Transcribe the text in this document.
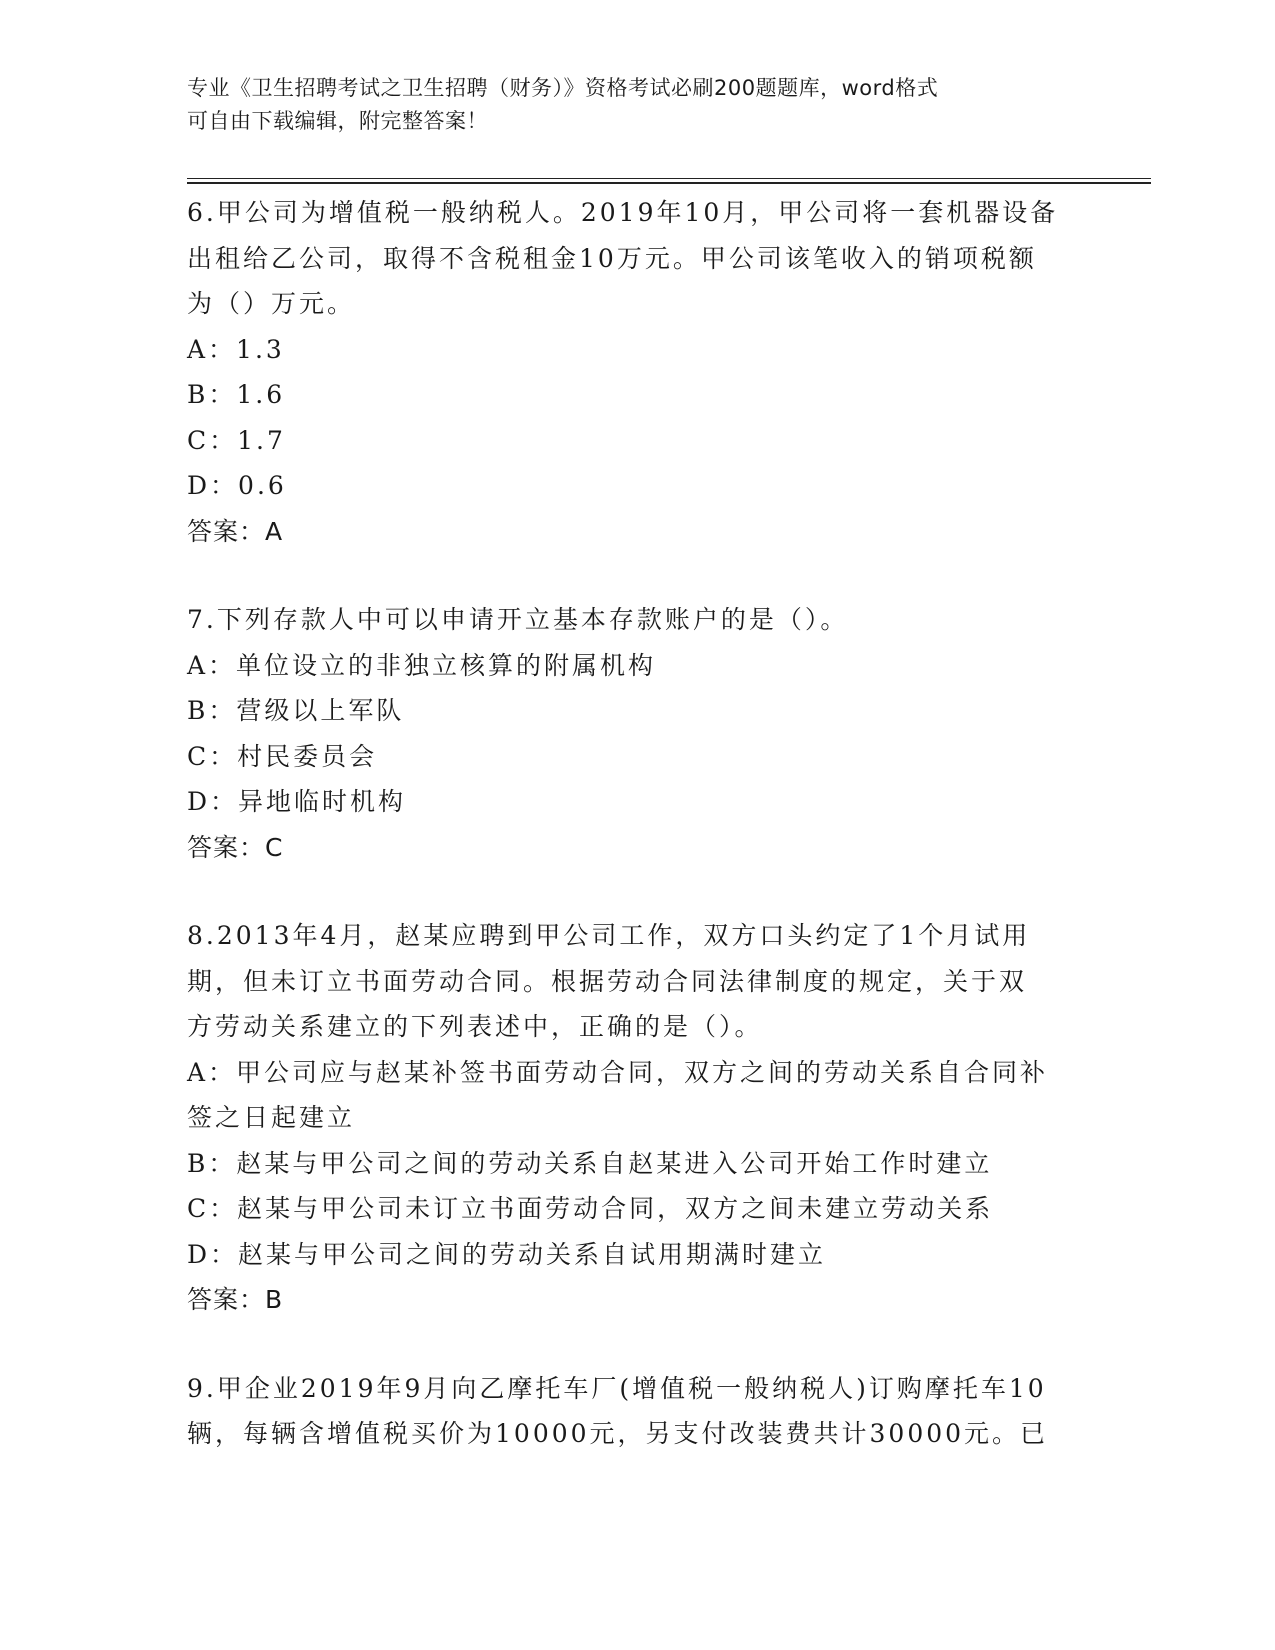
专业《卫生招聘考试之卫生招聘（财务）》资格考试必刷200题题库，word格式
可自由下载编辑，附完整答案！

6.甲公司为增值税一般纳税人。2019年10月，甲公司将一套机器设备

出租给乙公司，取得不含税租金10万元。甲公司该笔收入的销项税额

为（）万元。

A：1.3

B：1.6

C：1.7

D：0.6

答案：A

7.下列存款人中可以申请开立基本存款账户的是（）。

A：单位设立的非独立核算的附属机构

B：营级以上军队

C：村民委员会

D：异地临时机构

答案：C

8.2013年4月，赵某应聘到甲公司工作，双方口头约定了1个月试用

期，但未订立书面劳动合同。根据劳动合同法律制度的规定，关于双

方劳动关系建立的下列表述中，正确的是（）。

A：甲公司应与赵某补签书面劳动合同，双方之间的劳动关系自合同补

签之日起建立

B：赵某与甲公司之间的劳动关系自赵某进入公司开始工作时建立

C：赵某与甲公司未订立书面劳动合同，双方之间未建立劳动关系

D：赵某与甲公司之间的劳动关系自试用期满时建立

答案：B

9.甲企业2019年9月向乙摩托车厂(增值税一般纳税人)订购摩托车10

辆，每辆含增值税买价为10000元，另支付改装费共计30000元。已
